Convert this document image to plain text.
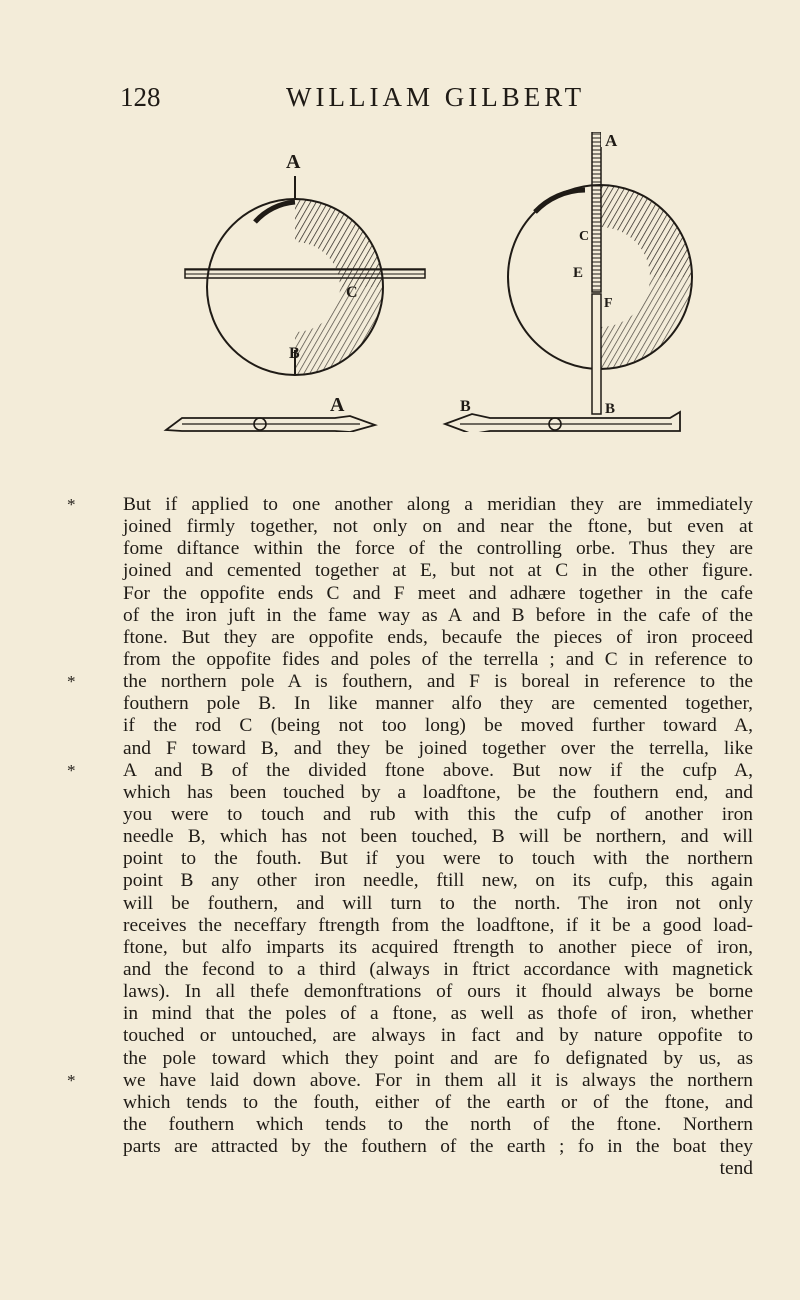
128	WILLIAM GILBERT
A
B
C
A
B
C
E
F
A	B
* But if applied to one another along a meridian they are immediately
joined firmly together, not only on and near the ftone, but even at
fome diftance within the force of the controlling orbe. Thus they are
joined and cemented together at E, but not at C in the other figure.
For the oppofite ends C and F meet and adhære together in the cafe
of the iron juft in the fame way as A and B before in the cafe of the
ftone. But they are oppofite ends, becaufe the pieces of iron proceed
from the oppofite fides and poles of the terrella ; and C in reference to
* the northern pole A is fouthern, and F is boreal in reference to the
fouthern pole B. In like manner alfo they are cemented together,
if the rod C (being not too long) be moved further toward A,
and F toward B, and they be joined together over the terrella, like
* A and B of the divided ftone above. But now if the cufp A,
which has been touched by a loadftone, be the fouthern end, and
you were to touch and rub with this the cufp of another iron
needle B, which has not been touched, B will be northern, and will
point to the fouth. But if you were to touch with the northern
point B any other iron needle, ftill new, on its cufp, this again
will be fouthern, and will turn to the north. The iron not only
receives the neceffary ftrength from the loadftone, if it be a good load-
ftone, but alfo imparts its acquired ftrength to another piece of iron,
and the fecond to a third (always in ftrict accordance with magnetick
laws). In all thefe demonftrations of ours it fhould always be borne
in mind that the poles of a ftone, as well as thofe of iron, whether
touched or untouched, are always in fact and by nature oppofite to
the pole toward which they point and are fo defignated by us, as
* we have laid down above. For in them all it is always the northern
which tends to the fouth, either of the earth or of the ftone, and
the fouthern which tends to the north of the ftone. Northern
parts are attracted by the fouthern of the earth ; fo in the boat they
tend
